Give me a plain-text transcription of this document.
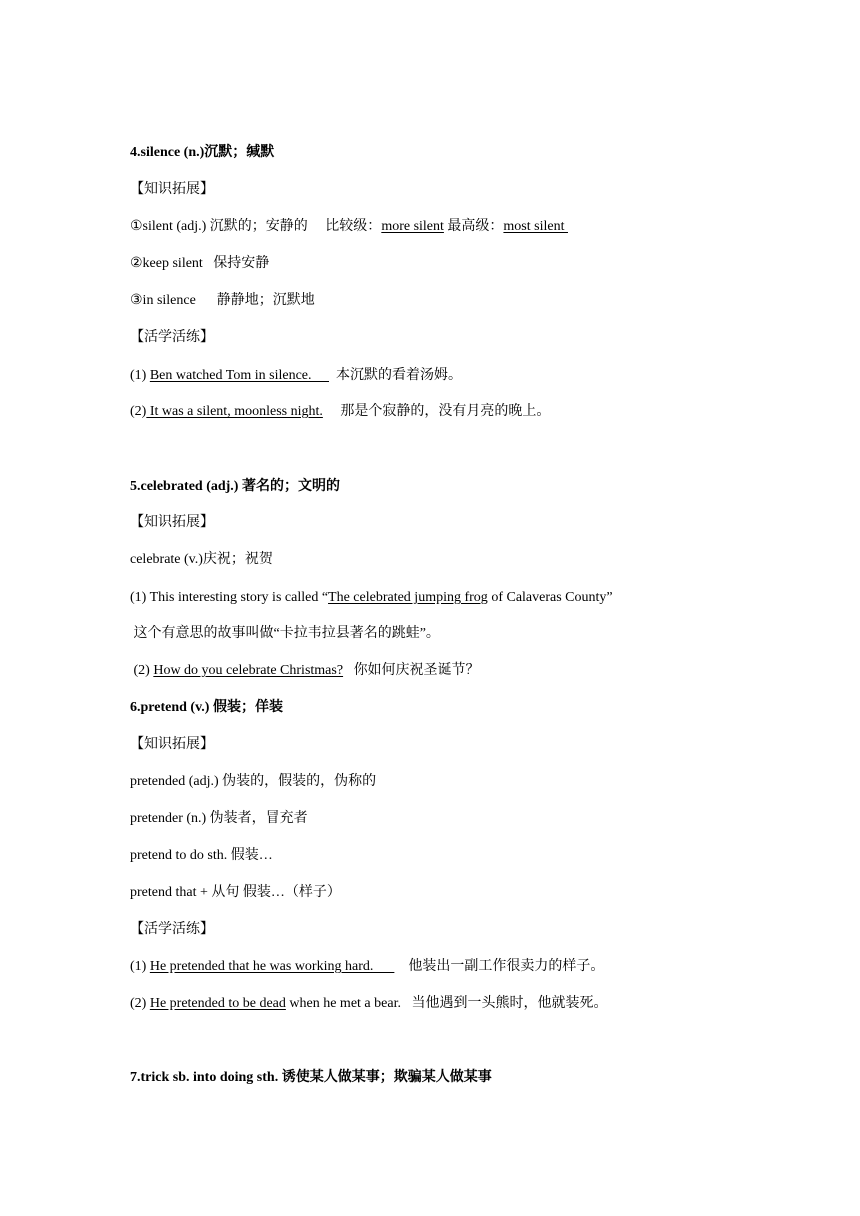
4.silence (n.)沉默；缄默
【知识拓展】
①silent (adj.) 沉默的；安静的     比较级：more silent 最高级：most silent
②keep silent   保持安静
③in silence      静静地；沉默地
【活学活练】
(1) Ben watched Tom in silence.       本沉默的看着汤姆。
(2) It was a silent, moonless night.     那是个寂静的，没有月亮的晚上。
5.celebrated (adj.) 著名的；文明的
【知识拓展】
celebrate (v.)庆祝；祝贺
(1) This interesting story is called “The celebrated jumping frog of Calaveras County”
这个有意思的故事叫做“卡拉韦拉县著名的跳蛙”。
(2) How do you celebrate Christmas?   你如何庆祝圣诞节？
6.pretend (v.) 假装；佯装
【知识拓展】
pretended (adj.) 伪装的，假装的，伪称的
pretender (n.) 伪装者，冒充者
pretend to do sth. 假装…
pretend that + 从句 假装…（样子）
【活学活练】
(1) He pretended that he was working hard.          他装出一副工作很卖力的样子。
(2) He pretended to be dead when he met a bear.   当他遇到一头熊时，他就装死。
7.trick sb. into doing sth. 诱使某人做某事；欺骗某人做某事
